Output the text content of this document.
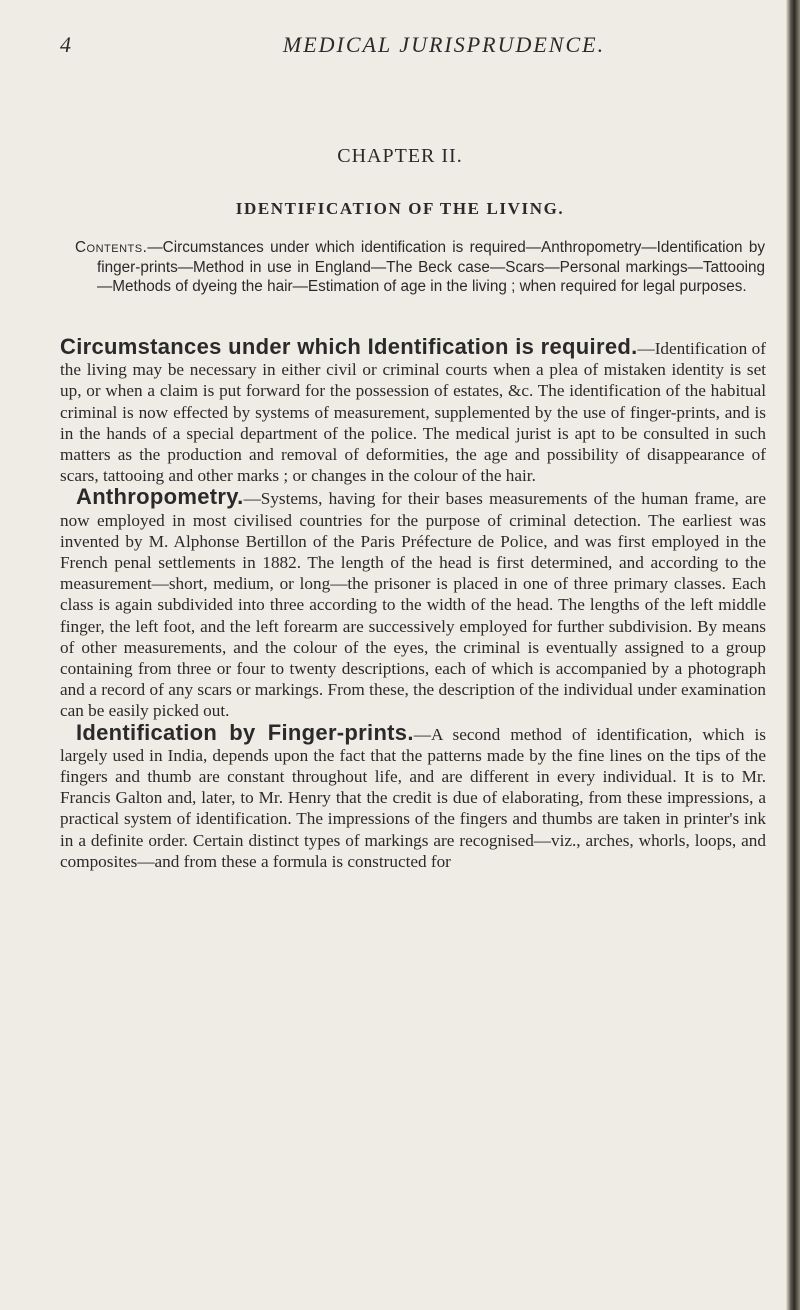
4	MEDICAL JURISPRUDENCE.
CHAPTER II.
IDENTIFICATION OF THE LIVING.
Contents.—Circumstances under which identification is required—Anthropometry—Identification by finger-prints—Method in use in England—The Beck case—Scars—Personal markings—Tattooing—Methods of dyeing the hair—Estimation of age in the living ; when required for legal purposes.

Circumstances under which Identification is required.—Identification of the living may be necessary in either civil or criminal courts when a plea of mistaken identity is set up, or when a claim is put forward for the possession of estates, &c. The identification of the habitual criminal is now effected by systems of measurement, supplemented by the use of finger-prints, and is in the hands of a special department of the police. The medical jurist is apt to be consulted in such matters as the production and removal of deformities, the age and possibility of disappearance of scars, tattooing and other marks ; or changes in the colour of the hair.

Anthropometry.—Systems, having for their bases measurements of the human frame, are now employed in most civilised countries for the purpose of criminal detection. The earliest was invented by M. Alphonse Bertillon of the Paris Préfecture de Police, and was first employed in the French penal settlements in 1882. The length of the head is first determined, and according to the measurement—short, medium, or long—the prisoner is placed in one of three primary classes. Each class is again subdivided into three according to the width of the head. The lengths of the left middle finger, the left foot, and the left forearm are successively employed for further subdivision. By means of other measurements, and the colour of the eyes, the criminal is eventually assigned to a group containing from three or four to twenty descriptions, each of which is accompanied by a photograph and a record of any scars or markings. From these, the description of the individual under examination can be easily picked out.

Identification by Finger-prints.—A second method of identification, which is largely used in India, depends upon the fact that the patterns made by the fine lines on the tips of the fingers and thumb are constant throughout life, and are different in every individual. It is to Mr. Francis Galton and, later, to Mr. Henry that the credit is due of elaborating, from these impressions, a practical system of identification. The impressions of the fingers and thumbs are taken in printer's ink in a definite order. Certain distinct types of markings are recognised—viz., arches, whorls, loops, and composites—and from these a formula is constructed for
